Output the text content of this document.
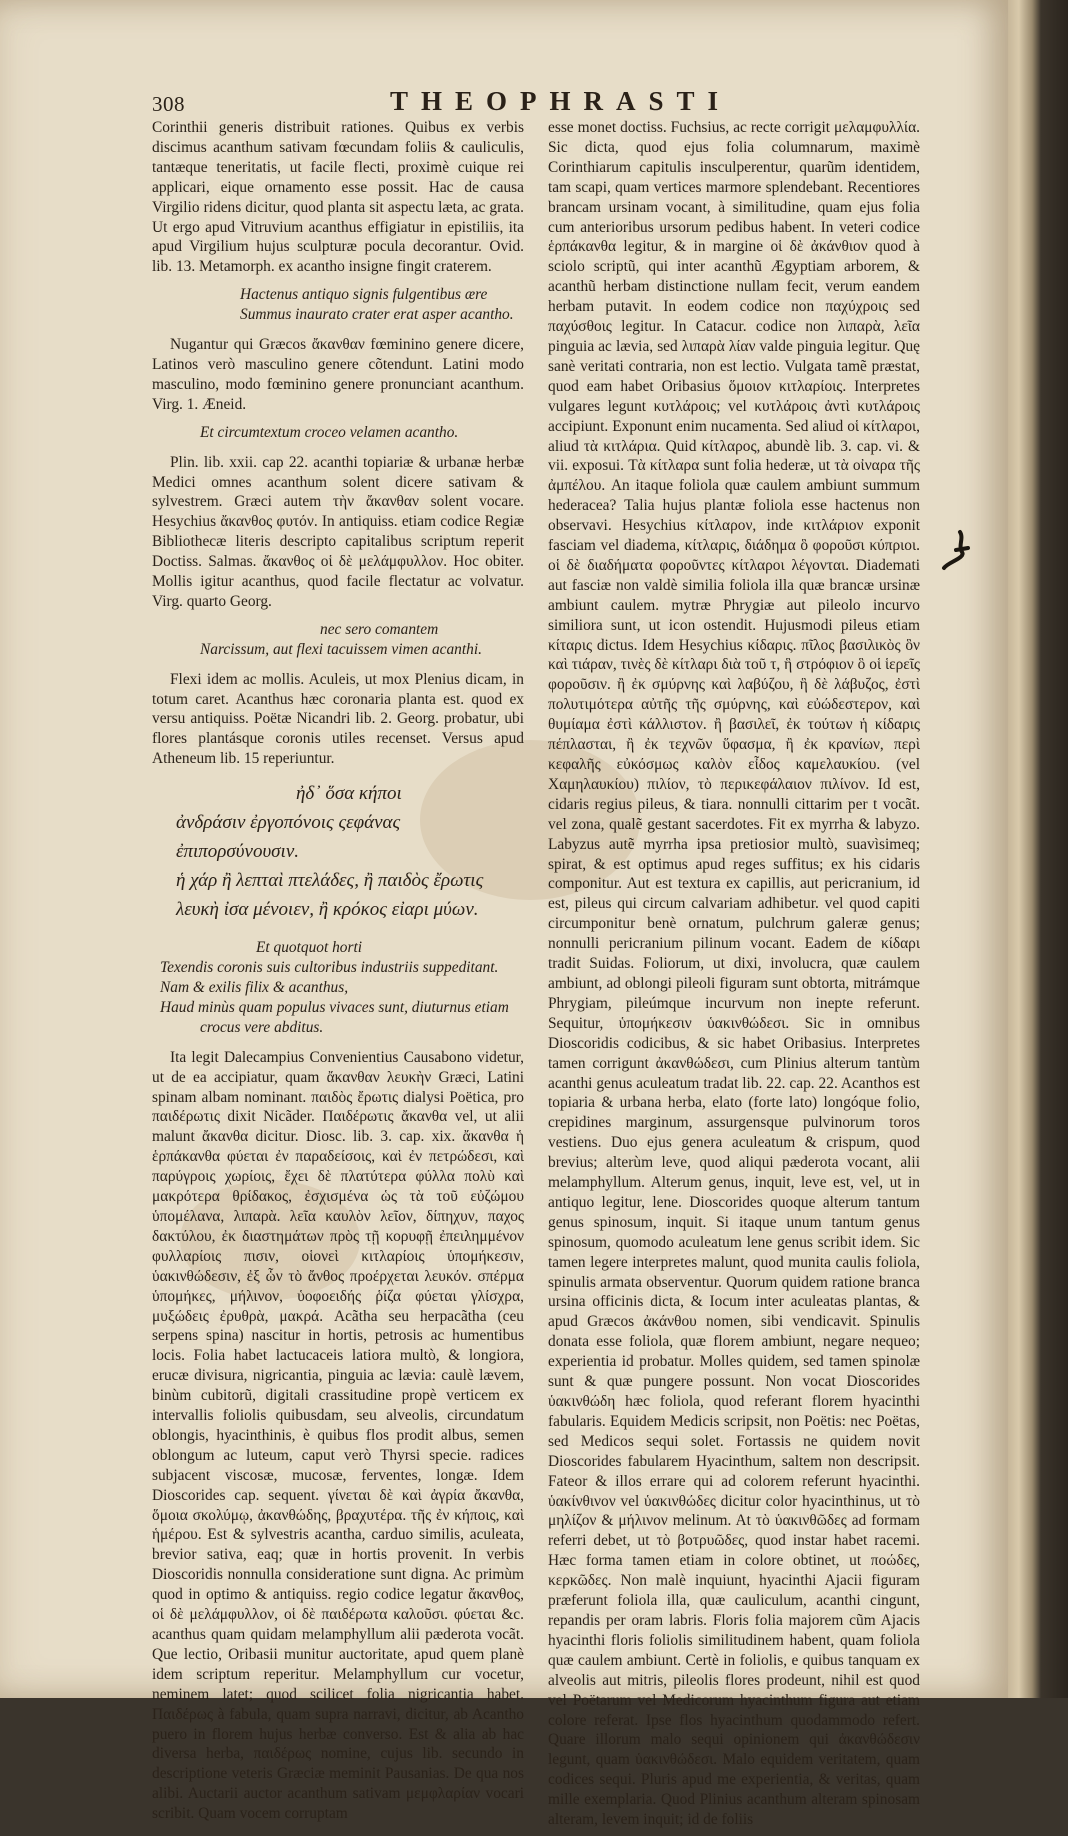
308	THEOPHRASTI

Corinthii generis distribuit rationes. Quibus ex verbis discimus acanthum sativam fœcundam foliis & cauliculis, tantæque teneritatis, ut facile flecti, proximè cuique rei applicari, eique ornamento esse possit. Hac de causa Virgilio ridens dicitur, quod planta sit aspectu læta, ac grata. Ut ergo apud Vitruvium acanthus effigiatur in epistiliis, ita apud Virgilium hujus sculpturæ pocula decorantur. Ovid. lib. 13. Metamorph. ex acantho insigne fingit craterem.

Hactenus antiquo signis fulgentibus ære
Summus inaurato crater erat asper acantho.

Nugantur qui Græcos ἄκανθαν fœminino genere dicere, Latinos verò masculino genere cõtendunt. Latini modo masculino, modo fœminino genere pronunciant acanthum. Virg. 1. Æneid.

Et circumtextum croceo velamen acantho.

Plin. lib. xxii. cap 22. acanthi topiariæ & urbanæ herbæ Medici omnes acanthum solent dicere sativam & sylvestrem. Græci autem τὴν ἄκανθαν solent vocare. Hesychius ἄκανθος φυτόν. In antiquiss. etiam codice Regiæ Bibliothecæ literis descripto capitalibus scriptum reperit Doctiss. Salmas. ἄκανθος οἱ δὲ μελάμφυλλον. Hoc obiter. Mollis igitur acanthus, quod facile flectatur ac volvatur. Virg. quarto Georg.

nec sero comantem
Narcissum, aut flexi tacuissem vimen acanthi.

Flexi idem ac mollis. Aculeis, ut mox Plenius dicam, in totum caret. Acanthus hæc coronaria planta est. quod ex versu antiquiss. Poëtæ Nicandri lib. 2. Georg. probatur, ubi flores plantásque coronis utiles recenset. Versus apud Atheneum lib. 15 reperiuntur.

ἠδ᾽ ὅσα κήποι
ἀνδράσιν ἐργοπόνοις ςεφάνας ἐπιπορσύνουσιν.
ἡ χάρ ἢ λεπταὶ πτελάδες, ἢ παιδὸς ἔρωτις
λευκὴ ἰσα μένοιεν, ἢ κρόκος εἰαρι μύων.
Et quotquot horti
Texendis coronis suis cultoribus industriis suppeditant.
Nam & exilis filix & acanthus,
Haud minùs quam populus vivaces sunt, diuturnus etiam
crocus vere abditus.

Ita legit Dalecampius Convenientius Causabono videtur, ut de ea accipiatur, quam ἄκανθαν λευκὴν Græci, Latini spinam albam nominant. παιδὸς ἔρωτις dialysi Poëtica, pro παιδέρωτις dixit Nicãder. Παιδέρωτις ἄκανθα vel, ut alii malunt ἄκανθα dicitur. Diosc. lib. 3. cap. xix. ἄκανθα ἡ ἑρπάκανθα φύεται ἐν παραδείσοις, καὶ ἐν πετρώδεσι, καὶ παρύγροις χωρίοις, ἔχει δὲ πλατύτερα φύλλα πολὺ καὶ μακρότερα θρίδακος, ἐσχισμένα ὡς τὰ τοῦ εὐζώμου ὑπομέλανα, λιπαρὰ. λεῖα καυλὸν λεῖον, δίπηχυν, παχος δακτύλου, ἐκ διαστημάτων πρὸς τῇ κορυφῇ ἐπειλημμένον φυλλαρίοις πισιν, οἱονεὶ κιτλαρίοις ὑπομήκεσιν, ὑακινθώδεσιν, ἐξ ὧν τὸ ἄνθος προέρχεται λευκόν. σπέρμα ὑπομήκες, μήλινον, ὑοφοειδής ῥίζα φύεται γλίσχρα, μυξώδεις ἐρυθρὰ, μακρά. Acãtha seu herpacãtha (ceu serpens spina) nascitur in hortis, petrosis ac humentibus locis. Folia habet lactucaceis latiora multò, & longiora, erucæ divisura, nigricantia, pinguia ac lævia: caulè lævem, binùm cubitorũ, digitali crassitudine propè verticem ex intervallis foliolis quibusdam, seu alveolis, circundatum oblongis, hyacinthinis, è quibus flos prodit albus, semen oblongum ac luteum, caput verò Thyrsi specie. radices subjacent viscosæ, mucosæ, ferventes, longæ. Idem Dioscorides cap. sequent. γίνεται δὲ καὶ ἀγρία ἄκανθα, ὅμοια σκολύμῳ, ἀκανθώδης, βραχυτέρα. τῆς ἐν κήποις, καὶ ἡμέρου. Est & sylvestris acantha, carduo similis, aculeata, brevior sativa, eaq; quæ in hortis provenit. In verbis Dioscoridis nonnulla consideratione sunt digna. Ac primùm quod in optimo & antiquiss. regio codice legatur ἄκανθος, οἱ δὲ μελάμφυλλον, οἱ δὲ παιδέρωτα καλοῦσι. φύεται &c. acanthus quam quidam melamphyllum alii pæderota vocãt. Que lectio, Oribasii munitur auctoritate, apud quem planè idem scriptum reperitur. Melamphyllum cur vocetur, neminem latet; quod scilicet folia nigricantia habet. Παιδέρως à fabula, quam supra narravi, dicitur, ab Acantho puero in florem hujus herbæ converso. Est & alia ab hac diversa herba, παιδέρως nomine, cujus lib. secundo in descriptione veteris Græciæ meminit Pausanias. De qua nos alibi. Auctarii auctor acanthum sativam μεμφλαρίαν vocari scribit. Quam vocem corruptam

esse monet doctiss. Fuchsius, ac recte corrigit μελαμφυλλία. Sic dicta, quod ejus folia columnarum, maximè Corinthiarum capitulis insculperentur, quarũm identidem, tam scapi, quam vertices marmore splendebant. Recentiores brancam ursinam vocant, à similitudine, quam ejus folia cum anterioribus ursorum pedibus habent. In veteri codice ἑρπάκανθα legitur, & in margine οἱ δὲ ἀκάνθιον quod à sciolo scriptũ, qui inter acanthũ Ægyptiam arborem, & acanthũ herbam distinctione nullam fecit, verum eandem herbam putavit. In eodem codice non παχύχροις sed παχύσθοις legitur. In Catacur. codice non λιπαρὰ, λεῖα pinguia ac lævia, sed λιπαρὰ λίαν valde pinguia legitur. Quę sanè veritati contraria, non est lectio. Vulgata tamẽ præstat, quod eam habet Oribasius ὅμοιον κιτλαρίοις. Interpretes vulgares legunt κυτλάροις; vel κυτλάροις ἀντὶ κυτλάροις accipiunt. Exponunt enim nucamenta. Sed aliud οἱ κίτλαροι, aliud τὰ κιτλάρια. Quid κίτλαρος, abundè lib. 3. cap. vi. & vii. exposui. Τὰ κίτλαρα sunt folia hederæ, ut τὰ οἰναρα τῆς ἀμπέλου. An itaque foliola quæ caulem ambiunt summum hederacea? Talia hujus plantæ foliola esse hactenus non observavi. Hesychius κίτλαρον, inde κιτλάριον exponit fasciam vel diadema, κίτλαρις, διάδημα ὃ φοροῦσι κύπριοι. οἱ δὲ διαδήματα φοροῦντες κίτλαροι λέγονται. Diademati aut fasciæ non valdè similia foliola illa quæ brancæ ursinæ ambiunt caulem. mytræ Phrygiæ aut pileolo incurvo similiora sunt, ut icon ostendit. Hujusmodi pileus etiam κίταρις dictus. Idem Hesychius κίδαρις. πῖλος βασιλικὸς ὃν καὶ τιάραν, τινὲς δὲ κίτλαρι διὰ τοῦ τ, ἣ στρόφιον ὃ οἱ ἱερεῖς φοροῦσιν. ἢ ἐκ σμύρνης καὶ λαβύζου, ἣ δὲ λάβυζος, ἐστὶ πολυτιμότερα αὐτῆς τῆς σμύρνης, καὶ εὐώδεστερον, καὶ θυμίαμα ἐστὶ κάλλιστον. ἢ βασιλεῖ, ἐκ τούτων ἡ κίδαρις πέπλασται, ἢ ἐκ τεχνῶν ὕφασμα, ἢ ἐκ κρανίων, περὶ κεφαλῆς εὐκόσμως καλὸν εἶδος καμελαυκίου. (vel Χαμηλαυκίου) πιλίον, τὸ περικεφάλαιον πιλίνον. Id est, cidaris regius pileus, & tiara. nonnulli cittarim per t vocãt. vel zona, qualẽ gestant sacerdotes. Fit ex myrrha & labyzo. Labyzus autẽ myrrha ipsa pretiosior multò, suavìsimeq; spirat, & est optimus apud reges suffitus; ex his cidaris componitur. Aut est textura ex capillis, aut pericranium, id est, pileus qui circum calvariam adhibetur. vel quod capiti circumponitur benè ornatum, pulchrum galeræ genus; nonnulli pericranium pilinum vocant. Eadem de κίδαρι tradit Suidas. Foliorum, ut dixi, involucra, quæ caulem ambiunt, ad oblongi pileoli figuram sunt obtorta, mitrámque Phrygiam, pileúmque incurvum non inepte referunt. Sequitur, ὑπομήκεσιν ὑακινθώδεσι. Sic in omnibus Dioscoridis codicibus, & sic habet Oribasius. Interpretes tamen corrigunt ἀκανθώδεσι, cum Plinius alterum tantùm acanthi genus aculeatum tradat lib. 22. cap. 22. Acanthos est topiaria & urbana herba, elato (forte lato) longóque folio, crepidines marginum, assurgensque pulvinorum toros vestiens. Duo ejus genera aculeatum & crispum, quod brevius; alterùm leve, quod aliqui pæderota vocant, alii melamphyllum. Alterum genus, inquit, leve est, vel, ut in antiquo legitur, lene. Dioscorides quoque alterum tantum genus spinosum, inquit. Si itaque unum tantum genus spinosum, quomodo aculeatum lene genus scribit idem. Sic tamen legere interpretes malunt, quod munita caulis foliola, spinulis armata observentur. Quorum quidem ratione branca ursina officinis dicta, & Iocum inter aculeatas plantas, & apud Græcos ἀκάνθου nomen, sibi vendicavit. Spinulis donata esse foliola, quæ florem ambiunt, negare nequeo; experientia id probatur. Molles quidem, sed tamen spinolæ sunt & quæ pungere possunt. Non vocat Dioscorides ὑακινθώδη hæc foliola, quod referant florem hyacinthi fabularis. Equidem Medicis scripsit, non Poëtis: nec Poëtas, sed Medicos sequi solet. Fortassis ne quidem novit Dioscorides fabularem Hyacinthum, saltem non descripsit. Fateor & illos errare qui ad colorem referunt hyacinthi. ὑακίνθινον vel ὑακινθώδες dicitur color hyacinthinus, ut τὸ μηλίζον & μήλινον melinum. At τὸ ὑακινθῶδες ad formam referri debet, ut τὸ βοτρυῶδες, quod instar habet racemi. Hæc forma tamen etiam in colore obtinet, ut ποώδες, κερκῶδες. Non malè inquiunt, hyacinthi Ajacii figuram præferunt foliola illa, quæ cauliculum, acanthi cingunt, repandis per oram labris. Floris folia majorem cũm Ajacis hyacinthi floris foliolis similitudinem habent, quam foliola quæ caulem ambiunt. Certè in foliolis, e quibus tanquam ex alveolis aut mitris, pileolis flores prodeunt, nihil est quod vel Poëtarum vel Medicorum hyacinthum figura aut etiam colore referat. Ipse flos hyacinthum quodammodo refert. Quare illorum malo sequi opinionem qui ἀκανθώδεσιν legunt, quam ὑακινθώδεσι. Malo equidem veritatem, quam codices sequi. Pluris apud me experientia, & veritas, quam mille exemplaria. Quod Plinius acanthum alteram spinosam alteram, levem inquit; id de foliis
